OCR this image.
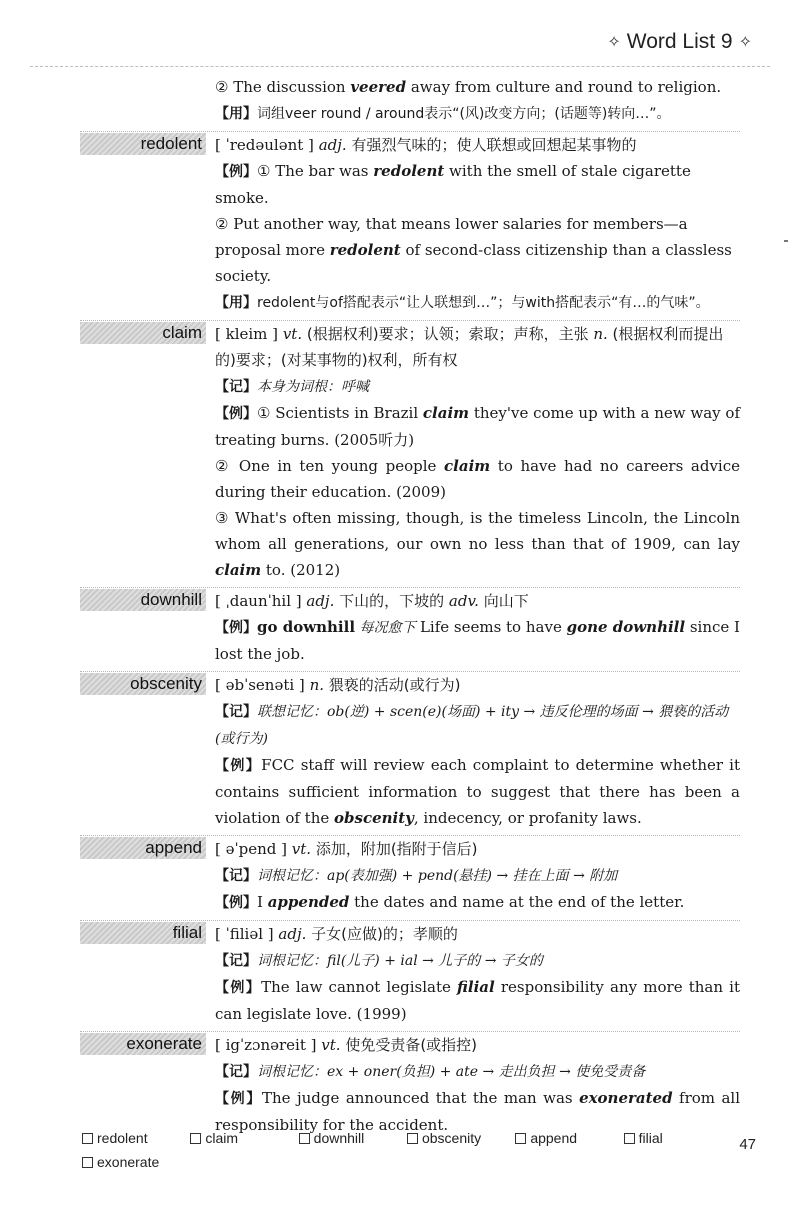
✧ Word List 9 ✧

② The discussion veered away from culture and round to religion.

【用】词组veer round / around表示“(风)改变方向；(话题等)转向…”。

redolent [ ˈredəulənt ] adj. 有强烈气味的；使人联想或回想起某事物的

【例】① The bar was redolent with the smell of stale cigarette smoke.

② Put another way, that means lower salaries for members—a proposal more redolent of second-class citizenship than a classless society.

【用】redolent与of搭配表示“让人联想到…”；与with搭配表示“有…的气味”。

claim [ kleim ] vt. (根据权利)要求；认领；索取；声称，主张 n. (根据权利而提出的)要求；(对某事物的)权利，所有权

【记】本身为词根：呼喊

【例】① Scientists in Brazil claim they've come up with a new way of treating burns. (2005听力)

② One in ten young people claim to have had no careers advice during their education. (2009)

③ What's often missing, though, is the timeless Lincoln, the Lincoln whom all generations, our own no less than that of 1909, can lay claim to. (2012)

downhill [ ˌdaunˈhil ] adj. 下山的，下坡的 adv. 向山下

【例】go downhill 每况愈下 Life seems to have gone downhill since I lost the job.

obscenity [ əbˈsenəti ] n. 猥亵的活动(或行为)

【记】联想记忆：ob(逆) + scen(e)(场面) + ity → 违反伦理的场面 → 猥亵的活动(或行为)

【例】FCC staff will review each complaint to determine whether it contains sufficient information to suggest that there has been a violation of the obscenity, indecency, or profanity laws.

append [ əˈpend ] vt. 添加，附加(指附于信后)

【记】词根记忆：ap(表加强) + pend(悬挂) → 挂在上面 → 附加

【例】I appended the dates and name at the end of the letter.

filial [ ˈfiliəl ] adj. 子女(应做)的；孝顺的

【记】词根记忆：fil(儿子) + ial → 儿子的 → 子女的

【例】The law cannot legislate filial responsibility any more than it can legislate love. (1999)

exonerate [ igˈzɔnəreit ] vt. 使免受责备(或指控)

【记】词根记忆：ex + oner(负担) + ate → 走出负担 → 使免受责备

【例】The judge announced that the man was exonerated from all responsibility for the accident.

redolent	claim	downhill	obscenity	append	filial
exonerate
47
